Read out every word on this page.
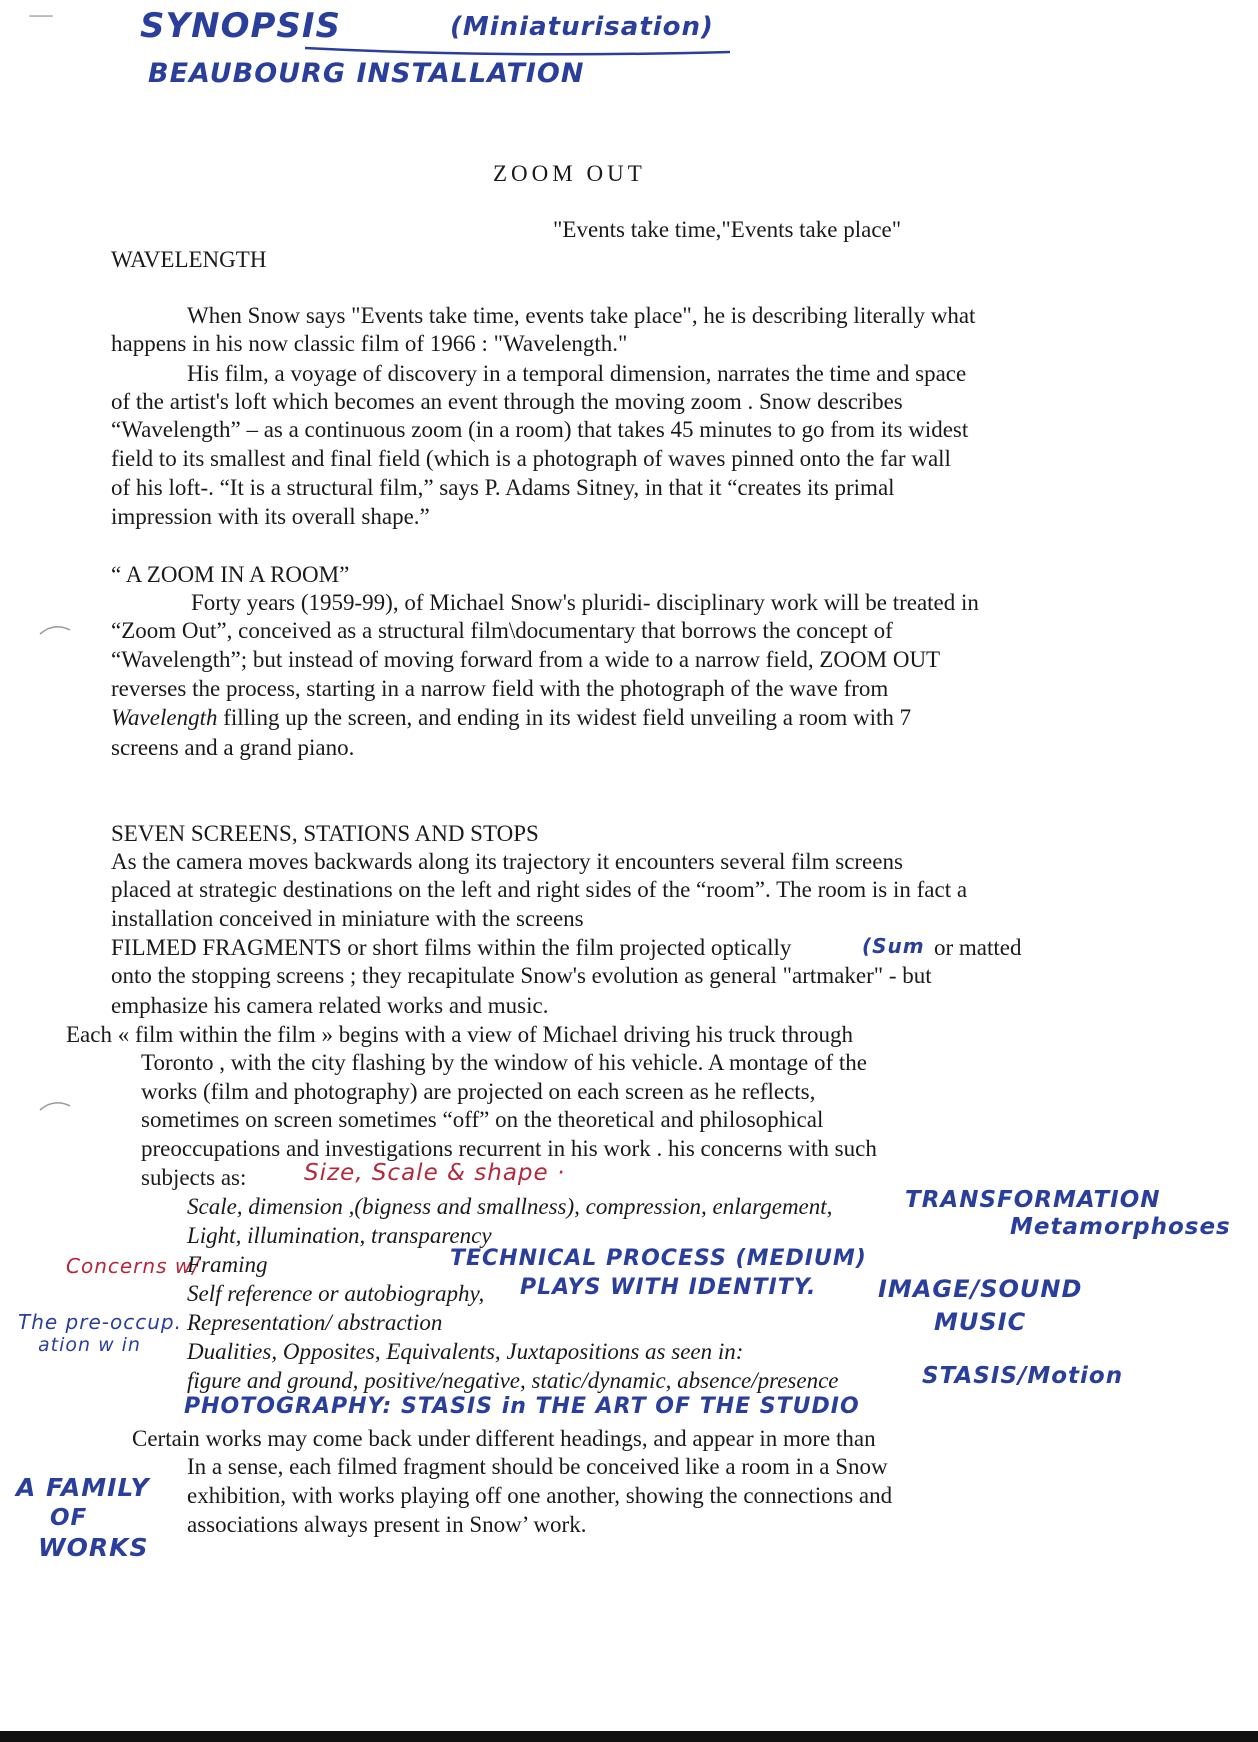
—	SYNOPSIS	(Miniaturisation)
BEAUBOURG INSTALLATION
ZOOM OUT
"Events take time,"Events take place"
WAVELENGTH
When Snow says "Events take time, events take place", he is describing literally what
happens in his now classic film of 1966 : "Wavelength."
His film, a voyage of discovery in a temporal dimension, narrates the time and space
of the artist's loft which becomes an event through the moving zoom . Snow describes
“Wavelength” – as a continuous zoom (in a room) that takes 45 minutes to go from its widest
field to its smallest and final field (which is a photograph of waves pinned onto the far wall
of his loft-. “It is a structural film,” says P. Adams Sitney, in that it “creates its primal
impression with its overall shape.”
“ A ZOOM IN A ROOM”
Forty years (1959-99), of Michael Snow's pluridi- disciplinary work will be treated in
“Zoom Out”, conceived as a structural film\documentary that borrows the concept of
“Wavelength”; but instead of moving forward from a wide to a narrow field, ZOOM OUT
reverses the process, starting in a narrow field with the photograph of the wave from
Wavelength filling up the screen, and ending in its widest field unveiling a room with 7
screens and a grand piano.
SEVEN SCREENS, STATIONS AND STOPS
As the camera moves backwards along its trajectory it encounters several film screens
placed at strategic destinations on the left and right sides of the “room”. The room is in fact a
installation conceived in miniature with the screens
FILMED FRAGMENTS or short films within the film projected optically	(Sum or matted
onto the stopping screens ; they recapitulate Snow's evolution as general "artmaker" - but
emphasize his camera related works and music.
Each « film within the film » begins with a view of Michael driving his truck through
Toronto , with the city flashing by the window of his vehicle. A montage of the
works (film and photography) are projected on each screen as he reflects,
sometimes on screen sometimes “off” on the theoretical and philosophical
preoccupations and investigations recurrent in his work . his concerns with such
subjects as:	Size, Scale & shape ·
Scale, dimension ,(bigness and smallness), compression, enlargement,	TRANSFORMATION
Metamorphoses
Light, illumination, transparency
Concerns w/
Framing	TECHNICAL PROCESS (MEDIUM)
Self reference or autobiography, PLAYS WITH IDENTITY.	IMAGE/SOUND
The pre-occup.
ation w in
Representation/ abstraction	MUSIC
Dualities, Opposites, Equivalents, Juxtapositions as seen in:
figure and ground, positive/negative, static/dynamic, absence/presence	STASIS/Motion
PHOTOGRAPHY: STASIS in THE ART OF THE STUDIO
Certain works may come back under different headings, and appear in more than
In a sense, each filmed fragment should be conceived like a room in a Snow
exhibition, with works playing off one another, showing the connections and
associations always present in Snow’ work.
A FAMILY
OF
WORKS
